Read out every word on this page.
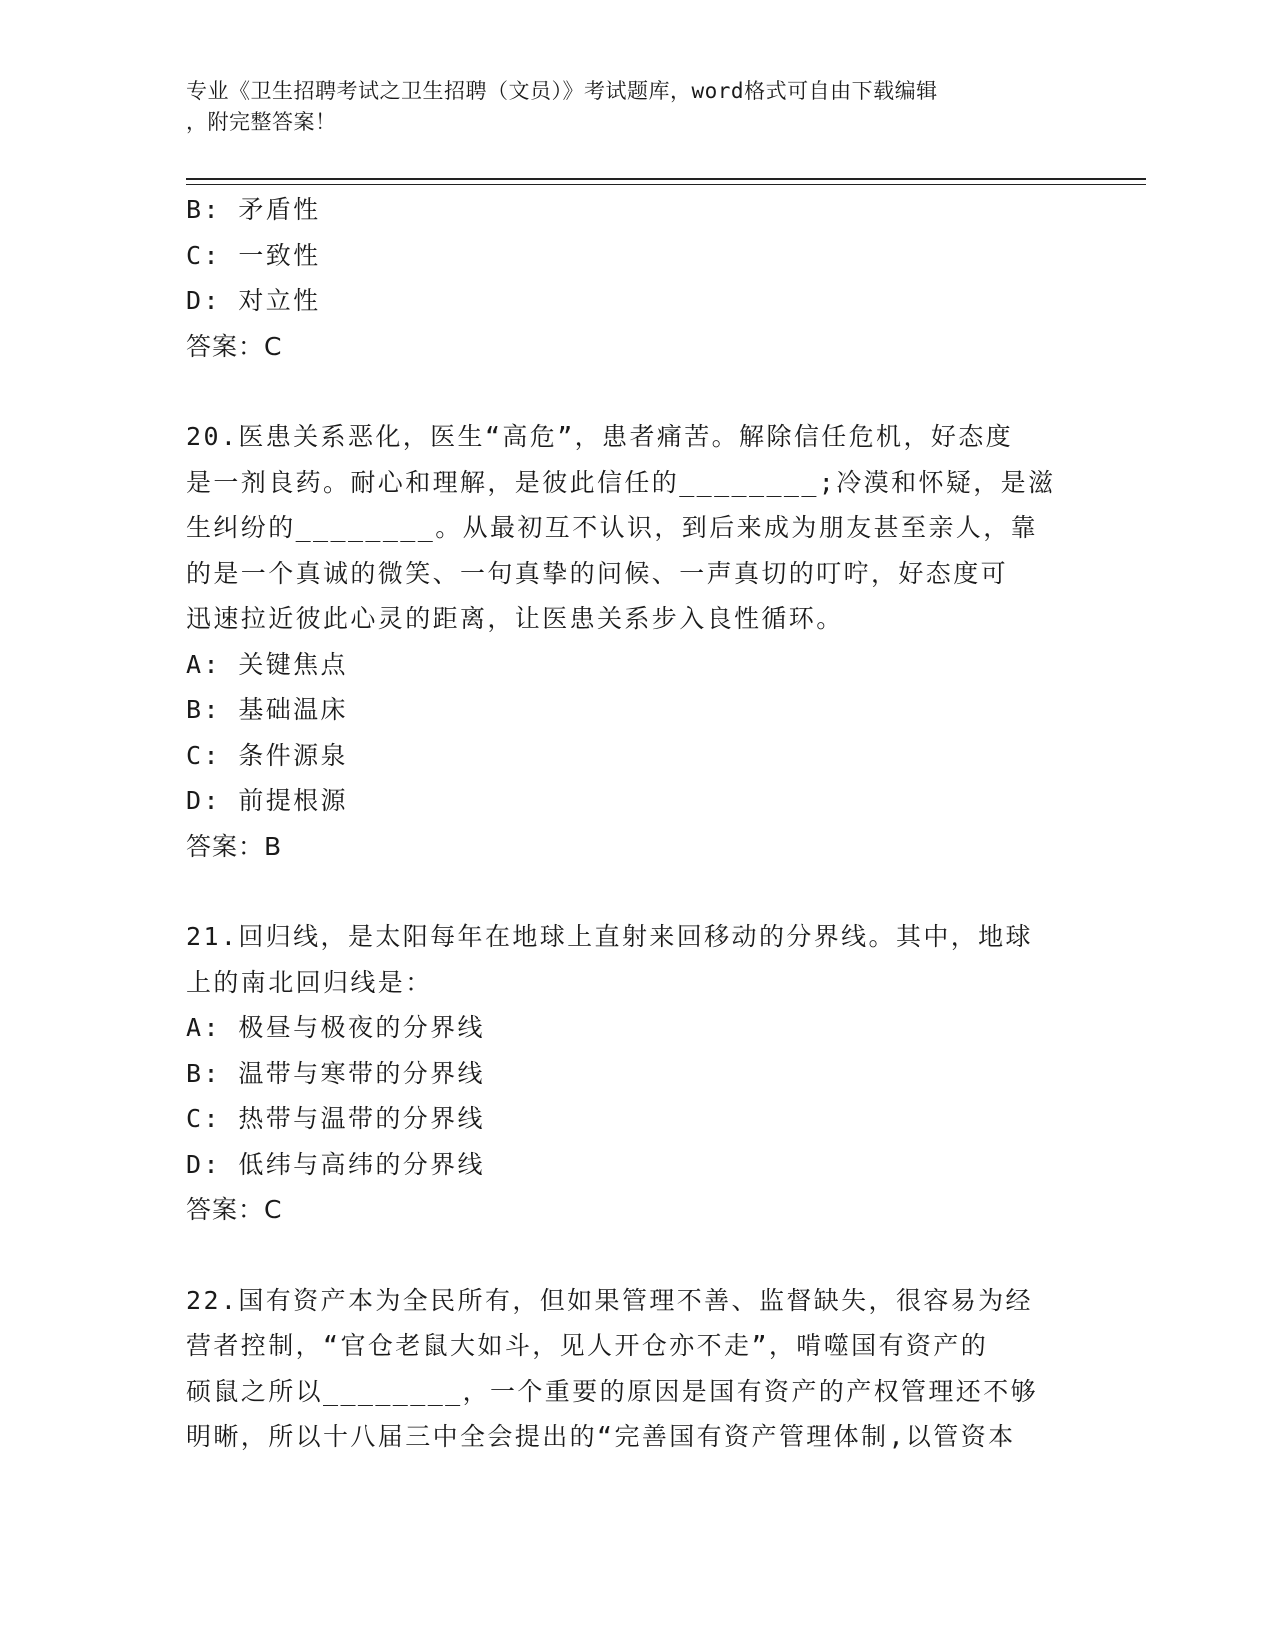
专业《卫生招聘考试之卫生招聘（文员）》考试题库，word格式可自由下载编辑
，附完整答案！
B: 矛盾性
C: 一致性
D: 对立性
答案：C
20.医患关系恶化，医生“高危”，患者痛苦。解除信任危机，好态度
是一剂良药。耐心和理解，是彼此信任的________;冷漠和怀疑，是滋
生纠纷的________。从最初互不认识，到后来成为朋友甚至亲人，靠
的是一个真诚的微笑、一句真挚的问候、一声真切的叮咛，好态度可
迅速拉近彼此心灵的距离，让医患关系步入良性循环。
A: 关键焦点
B: 基础温床
C: 条件源泉
D: 前提根源
答案：B
21.回归线，是太阳每年在地球上直射来回移动的分界线。其中，地球
上的南北回归线是：
A: 极昼与极夜的分界线
B: 温带与寒带的分界线
C: 热带与温带的分界线
D: 低纬与高纬的分界线
答案：C
22.国有资产本为全民所有，但如果管理不善、监督缺失，很容易为经
营者控制，“官仓老鼠大如斗，见人开仓亦不走”，啃噬国有资产的
硕鼠之所以________，一个重要的原因是国有资产的产权管理还不够
明晰，所以十八届三中全会提出的“完善国有资产管理体制,以管资本
